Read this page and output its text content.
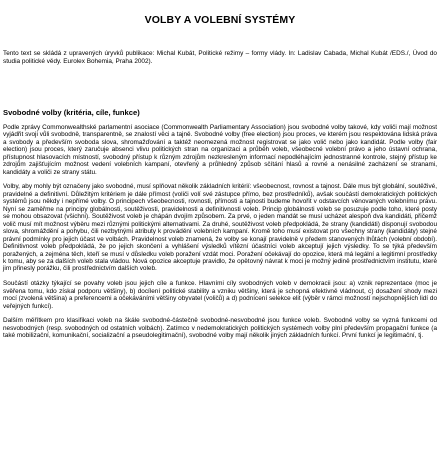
VOLBY A VOLEBNÍ SYSTÉMY
Tento text se skládá z upravených úryvků publikace: Michal Kubát, Politické režimy – formy vlády. In: Ladislav Cabada, Michal Kubát /EDS./, Úvod do studia politické vědy. Eurolex Bohemia, Praha 2002).
Svobodné volby (kritéria, cíle, funkce)

Podle zprávy Commonwealthské parlamentní asociace (Commonwealth Parliamentary Association) jsou svobodné volby takové, kdy voliči mají možnost vyjádřit svoji vůli svobodně, transparentně, se znalostí věci a tajně. Svobodné volby (free election) jsou proces, ve kterém jsou respektována lidská práva a svobody a především svoboda slova, shromažďování a taktéž neomezená možnost registrovat se jako volič nebo jako kandidát. Podle volby (fair election) jsou proces, který zaručuje absenci vlivu politických stran na organizaci a průběh voleb, všeobecné volební právo a jeho ústavní ochrana, přístupnost hlasovacích místností, svobodný přístup k různým zdrojům nezkresleným informací nepodléhajícím jednostranné kontrole, stejný přístup ke zdrojům zajišťujícím možnost vedení volebních kampaní, otevřený a průhledný způsob sčítání hlasů a rovné a nenásilné zacházení se stranami, kandidáty a voliči ze strany státu.

Volby, aby mohly být označeny jako svobodné, musí splňovat několik základních kritérií: všeobecnost, rovnost a tajnost. Dále mus být globální, soutěživé, pravidelné a definitivní. Důležitým kritériem je dále přímost (voliči volí své zástupce přímo, bez prostředníků), avšak součástí demokratických politických systémů jsou někdy i nepřímé volby. O principech všeobecnosti, rovnosti, přímosti a tajnosti budeme hovořit v odstavcích věnovaných volebnímu právu. Nyní se zaměřme na principy globálnosti, soutěživosti, pravidelnosti a definitivnosti voleb. Princip globálnosti voleb se posuzuje podle toho, které posty se mohou obsazovat (všichni). Soutěživost voleb je chápán dvojím způsobem. Za prvé, o jeden mandát se musí ucházet alespoň dva kandidáti, přičemž volič musí mít možnost výběru mezi různými politickými alternativami. Za druhé, soutěživost voleb předpokládá, že strany (kandidáti) disponují svobodou slova, shromáždění a pohybu, čili nezbytnými atributy k provádění volebních kampaní. Kromě toho musí existovat pro všechny strany (kandidáty) stejné právní podmínky pro jejich účast ve volbách. Pravidelnost voleb znamená, že volby se konají pravidelně v předem stanovených lhůtách (volební období). Definitivnost voleb předpokládá, že po jejich skončení a vyhlášení výsledků vítězní účastníci voleb akceptují jejich výsledky. To se týká především poražených, a zejména těch, kteří se musí v důsledku voleb poražení vzdát moci. Poražení očekávají do opozice, která má legální a legitimní prostředky k tomu, aby se za dalších voleb stala vládou. Nová opozice akceptuje pravidlo, že opětovný návrat k moci je možný jedině prostřednictvím institutu, které jim přinesly porážku, čili prostřednictvím dalších voleb.

Součástí otázky týkající se povahy voleb jsou jejich cíle a funkce. Hlavními cíly svobodných voleb v demokracii jsou: a) vznik reprezentace (moc je svěřena tomu, kdo získal podporu většiny), b) docílení politické stability a vzniku většiny, která je schopná efektivně vládnout, c) dosažení shody mezi mocí (zvolená většina) a preferencemi a očekáváními většiny obyvatel (voličů) a d) podnícení selekce elit (výběr v rámci možností nejschopnějších lidí do veřejných funkcí).

Dalším měřítkem pro klasifikaci voleb na škále svobodné-částečně svobodné-nesvobodné jsou funkce voleb. Svobodné volby se vyzná funkcemi od nesvobodných (resp. svobodných od ostatních volbách). Zatímco v nedemokratických politických systémech volby plní především propagační funkce (a také mobilizační, komunikační, socializační a pseudolegitimační), svobodné volby mají několik jiných základních funkcí. První funkcí je legitimační, tj.
